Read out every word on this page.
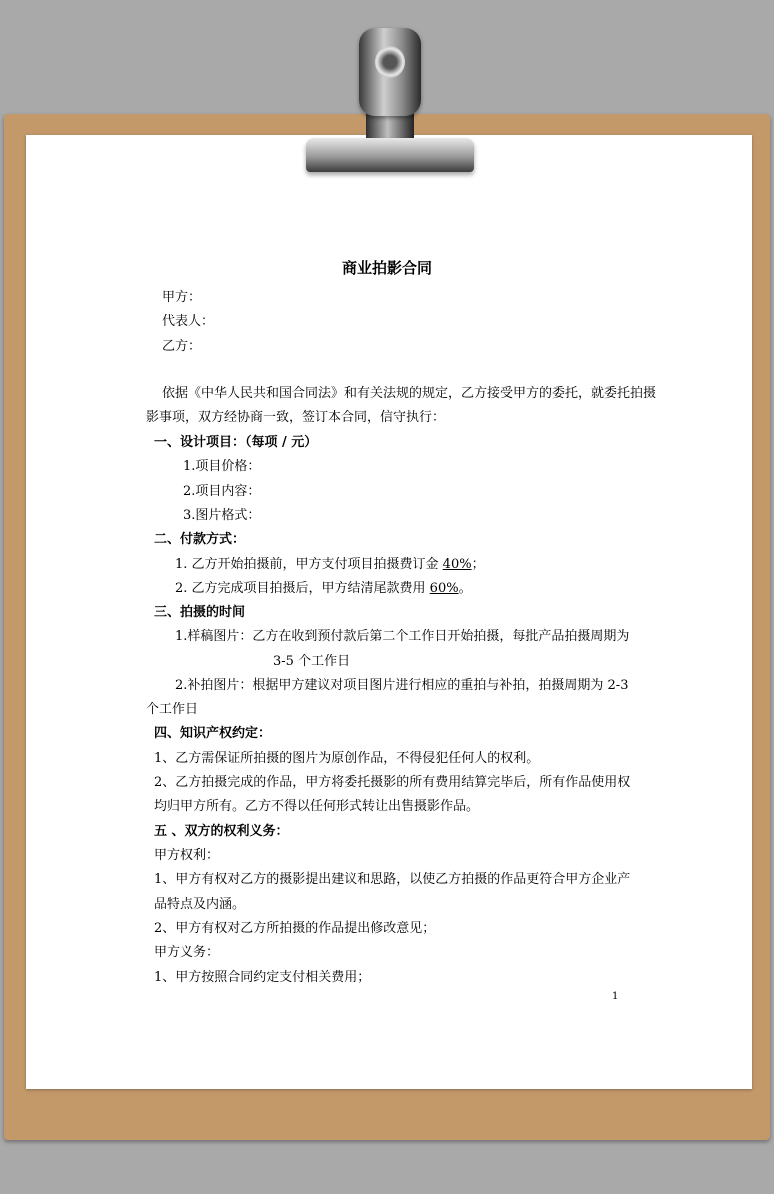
商业拍影合同
甲方：
代表人：
乙方：
依据《中华人民共和国合同法》和有关法规的规定，乙方接受甲方的委托，就委托拍摄
影事项，双方经协商一致，签订本合同，信守执行：
一、设计项目：（每项 / 元）
1.项目价格：
2.项目内容：
3.图片格式：
二、付款方式：
1. 乙方开始拍摄前，甲方支付项目拍摄费订金 40%；
2. 乙方完成项目拍摄后，甲方结清尾款费用 60%。
三、拍摄的时间
1.样稿图片：乙方在收到预付款后第二个工作日开始拍摄，每批产品拍摄周期为
3-5 个工作日
2.补拍图片：根据甲方建议对项目图片进行相应的重拍与补拍，拍摄周期为 2-3
个工作日
四、知识产权约定：
1、乙方需保证所拍摄的图片为原创作品，不得侵犯任何人的权利。
2、乙方拍摄完成的作品，甲方将委托摄影的所有费用结算完毕后，所有作品使用权
均归甲方所有。乙方不得以任何形式转让出售摄影作品。
五 、双方的权利义务：
甲方权利：
1、甲方有权对乙方的摄影提出建议和思路，以使乙方拍摄的作品更符合甲方企业产
品特点及内涵。
2、甲方有权对乙方所拍摄的作品提出修改意见；
甲方义务：
1、甲方按照合同约定支付相关费用；
1
